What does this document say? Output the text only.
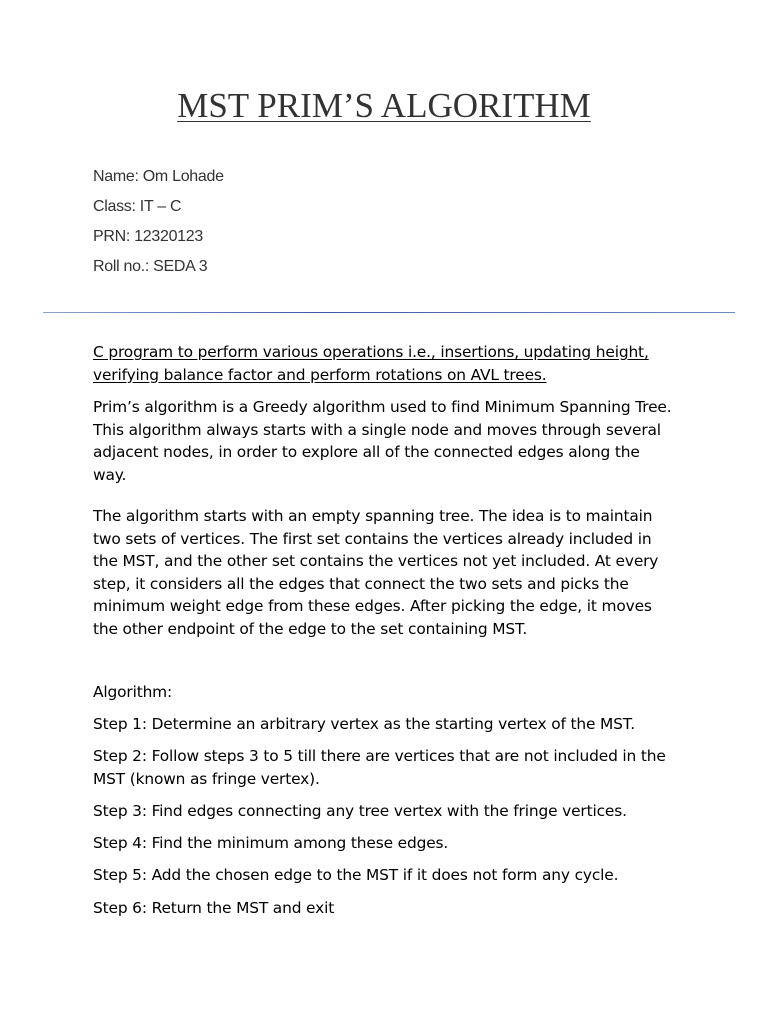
MST PRIM’S ALGORITHM
Name: Om Lohade
Class: IT – C
PRN: 12320123
Roll no.: SEDA 3
C program to perform various operations i.e., insertions, updating height, verifying balance factor and perform rotations on AVL trees.
Prim’s algorithm is a Greedy algorithm used to find Minimum Spanning Tree. This algorithm always starts with a single node and moves through several adjacent nodes, in order to explore all of the connected edges along the way.
The algorithm starts with an empty spanning tree. The idea is to maintain two sets of vertices. The first set contains the vertices already included in the MST, and the other set contains the vertices not yet included. At every step, it considers all the edges that connect the two sets and picks the minimum weight edge from these edges. After picking the edge, it moves the other endpoint of the edge to the set containing MST.
Algorithm:
Step 1: Determine an arbitrary vertex as the starting vertex of the MST.
Step 2: Follow steps 3 to 5 till there are vertices that are not included in the MST (known as fringe vertex).
Step 3: Find edges connecting any tree vertex with the fringe vertices.
Step 4: Find the minimum among these edges.
Step 5: Add the chosen edge to the MST if it does not form any cycle.
Step 6: Return the MST and exit
